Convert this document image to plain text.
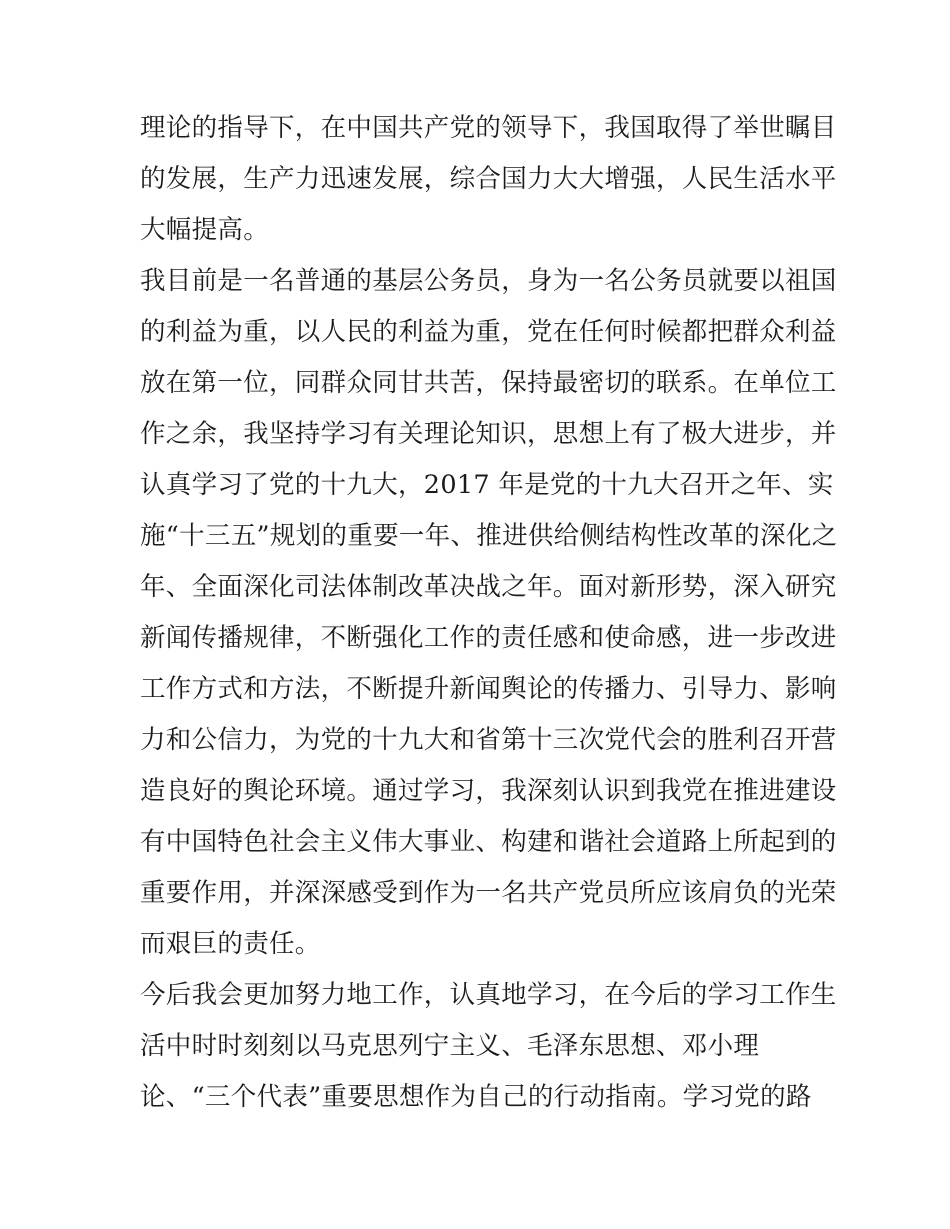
理论的指导下，在中国共产党的领导下，我国取得了举世瞩目
的发展，生产力迅速发展，综合国力大大增强，人民生活水平
大幅提高。
我目前是一名普通的基层公务员，身为一名公务员就要以祖国
的利益为重，以人民的利益为重，党在任何时候都把群众利益
放在第一位，同群众同甘共苦，保持最密切的联系。在单位工
作之余，我坚持学习有关理论知识，思想上有了极大进步，并
认真学习了党的十九大，2017 年是党的十九大召开之年、实
施“十三五”规划的重要一年、推进供给侧结构性改革的深化之
年、全面深化司法体制改革决战之年。面对新形势，深入研究
新闻传播规律，不断强化工作的责任感和使命感，进一步改进
工作方式和方法，不断提升新闻舆论的传播力、引导力、影响
力和公信力，为党的十九大和省第十三次党代会的胜利召开营
造良好的舆论环境。通过学习，我深刻认识到我党在推进建设
有中国特色社会主义伟大事业、构建和谐社会道路上所起到的
重要作用，并深深感受到作为一名共产党员所应该肩负的光荣
而艰巨的责任。
今后我会更加努力地工作，认真地学习，在今后的学习工作生
活中时时刻刻以马克思列宁主义、毛泽东思想、邓小理
论、“三个代表”重要思想作为自己的行动指南。学习党的路
